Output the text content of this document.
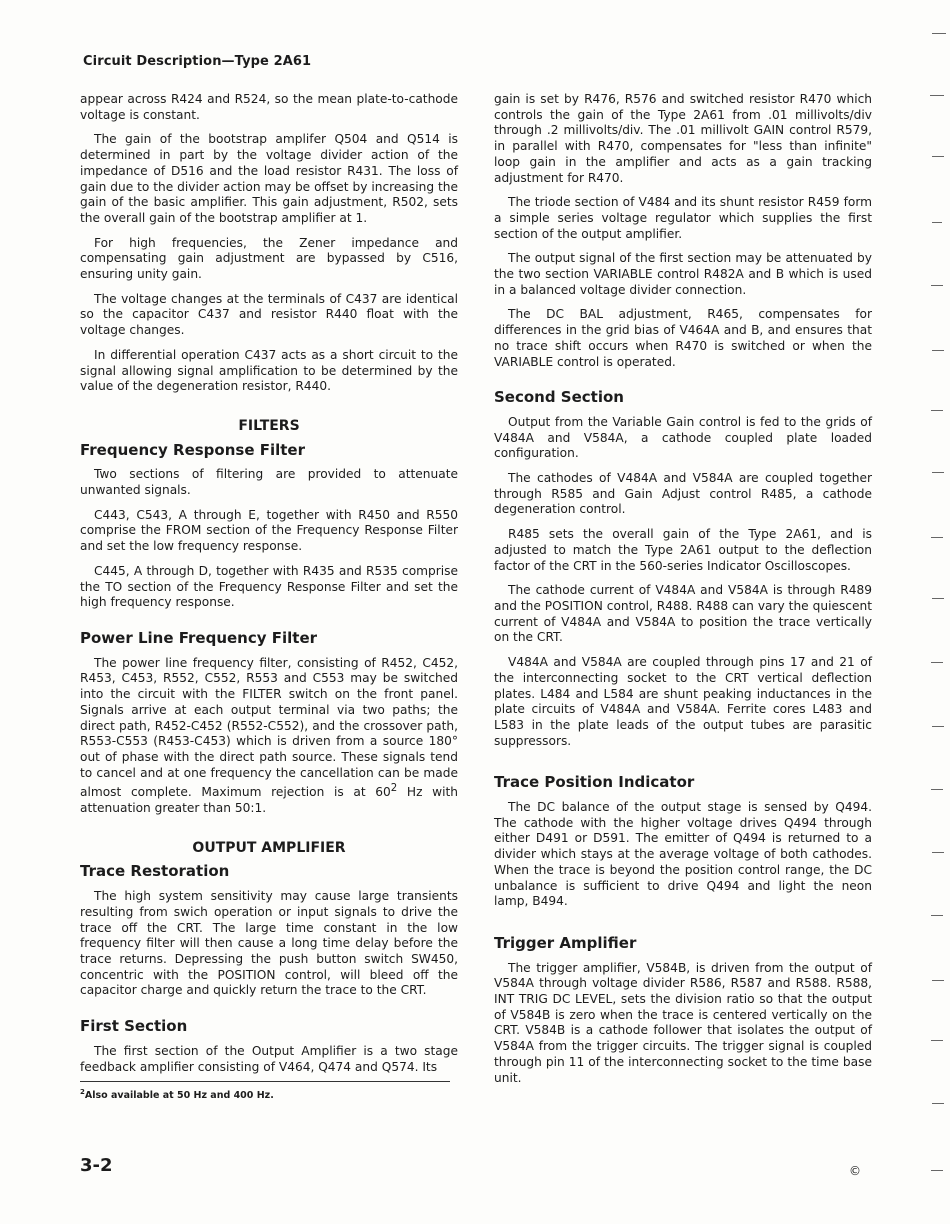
Circuit Description—Type 2A61

appear across R424 and R524, so the mean plate-to-cathode voltage is constant.

The gain of the bootstrap amplifer Q504 and Q514 is determined in part by the voltage divider action of the impedance of D516 and the load resistor R431. The loss of gain due to the divider action may be offset by increasing the gain of the basic amplifier. This gain adjustment, R502, sets the overall gain of the bootstrap amplifier at 1.

For high frequencies, the Zener impedance and compensating gain adjustment are bypassed by C516, ensuring unity gain.

The voltage changes at the terminals of C437 are identical so the capacitor C437 and resistor R440 float with the voltage changes.

In differential operation C437 acts as a short circuit to the signal allowing signal amplification to be determined by the value of the degeneration resistor, R440.

FILTERS
Frequency Response Filter

Two sections of filtering are provided to attenuate unwanted signals.

C443, C543, A through E, together with R450 and R550 comprise the FROM section of the Frequency Response Filter and set the low frequency response.

C445, A through D, together with R435 and R535 comprise the TO section of the Frequency Response Filter and set the high frequency response.

Power Line Frequency Filter

The power line frequency filter, consisting of R452, C452, R453, C453, R552, C552, R553 and C553 may be switched into the circuit with the FILTER switch on the front panel. Signals arrive at each output terminal via two paths; the direct path, R452-C452 (R552-C552), and the crossover path, R553-C553 (R453-C453) which is driven from a source 180° out of phase with the direct path source. These signals tend to cancel and at one frequency the cancellation can be made almost complete. Maximum rejection is at $60^2$ Hz with attenuation greater than 50:1.

OUTPUT AMPLIFIER
Trace Restoration

The high system sensitivity may cause large transients resulting from swich operation or input signals to drive the trace off the CRT. The large time constant in the low frequency filter will then cause a long time delay before the trace returns. Depressing the push button switch SW450, concentric with the POSITION control, will bleed off the capacitor charge and quickly return the trace to the CRT.

First Section

The first section of the Output Amplifier is a two stage feedback amplifier consisting of V464, Q474 and Q574. Its

$^2$Also available at 50 Hz and 400 Hz.

gain is set by R476, R576 and switched resistor R470 which controls the gain of the Type 2A61 from .01 millivolts/div through .2 millivolts/div. The .01 millivolt GAIN control R579, in parallel with R470, compensates for "less than infinite" loop gain in the amplifier and acts as a gain tracking adjustment for R470.

The triode section of V484 and its shunt resistor R459 form a simple series voltage regulator which supplies the first section of the output amplifier.

The output signal of the first section may be attenuated by the two section VARIABLE control R482A and B which is used in a balanced voltage divider connection.

The DC BAL adjustment, R465, compensates for differences in the grid bias of V464A and B, and ensures that no trace shift occurs when R470 is switched or when the VARIABLE control is operated.

Second Section

Output from the Variable Gain control is fed to the grids of V484A and V584A, a cathode coupled plate loaded configuration.

The cathodes of V484A and V584A are coupled together through R585 and Gain Adjust control R485, a cathode degeneration control.

R485 sets the overall gain of the Type 2A61, and is adjusted to match the Type 2A61 output to the deflection factor of the CRT in the 560-series Indicator Oscilloscopes.

The cathode current of V484A and V584A is through R489 and the POSITION control, R488. R488 can vary the quiescent current of V484A and V584A to position the trace vertically on the CRT.

V484A and V584A are coupled through pins 17 and 21 of the interconnecting socket to the CRT vertical deflection plates. L484 and L584 are shunt peaking inductances in the plate circuits of V484A and V584A. Ferrite cores L483 and L583 in the plate leads of the output tubes are parasitic suppressors.

Trace Position Indicator

The DC balance of the output stage is sensed by Q494. The cathode with the higher voltage drives Q494 through either D491 or D591. The emitter of Q494 is returned to a divider which stays at the average voltage of both cathodes. When the trace is beyond the position control range, the DC unbalance is sufficient to drive Q494 and light the neon lamp, B494.

Trigger Amplifier

The trigger amplifier, V584B, is driven from the output of V584A through voltage divider R586, R587 and R588. R588, INT TRIG DC LEVEL, sets the division ratio so that the output of V584B is zero when the trace is centered vertically on the CRT. V584B is a cathode follower that isolates the output of V584A from the trigger circuits. The trigger signal is coupled through pin 11 of the interconnecting socket to the time base unit.

3-2	©
